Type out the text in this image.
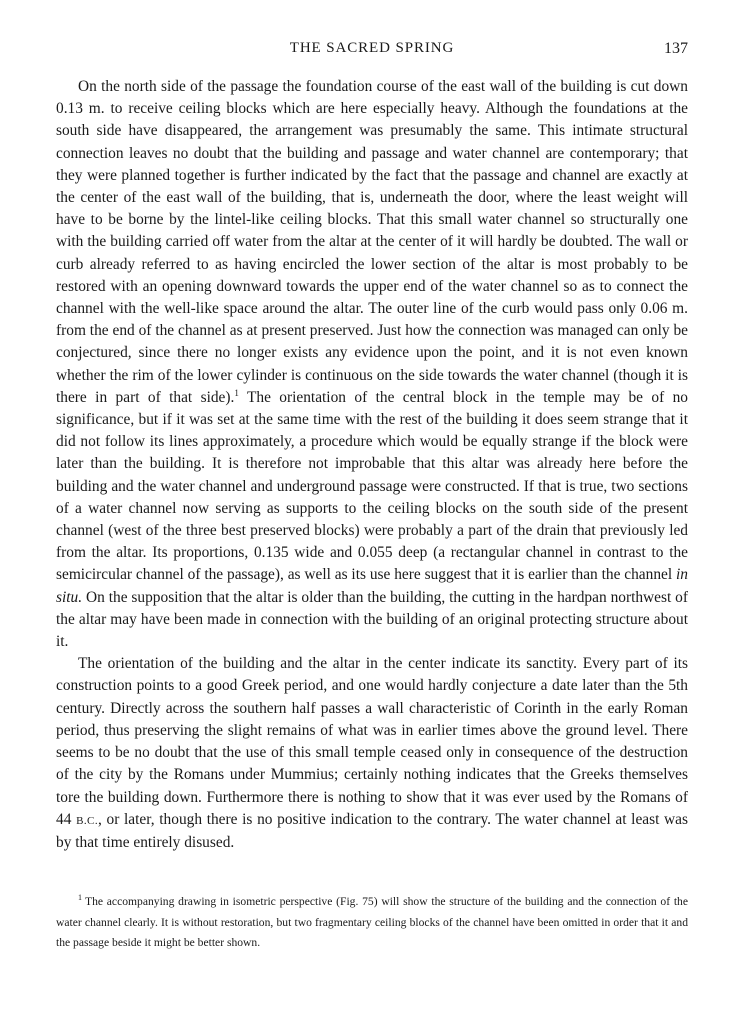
THE SACRED SPRING	137

On the north side of the passage the foundation course of the east wall of the building is cut down 0.13 m. to receive ceiling blocks which are here especially heavy. Although the foundations at the south side have disappeared, the arrangement was presumably the same. This intimate structural connection leaves no doubt that the building and passage and water channel are contemporary; that they were planned together is further indicated by the fact that the passage and channel are exactly at the center of the east wall of the building, that is, underneath the door, where the least weight will have to be borne by the lintel-like ceiling blocks. That this small water channel so structurally one with the building carried off water from the altar at the center of it will hardly be doubted. The wall or curb already referred to as having encircled the lower section of the altar is most probably to be restored with an opening downward towards the upper end of the water channel so as to connect the channel with the well-like space around the altar. The outer line of the curb would pass only 0.06 m. from the end of the channel as at present preserved. Just how the connection was managed can only be conjectured, since there no longer exists any evidence upon the point, and it is not even known whether the rim of the lower cylinder is continuous on the side towards the water channel (though it is there in part of that side).$^1$ The orientation of the central block in the temple may be of no significance, but if it was set at the same time with the rest of the building it does seem strange that it did not follow its lines approximately, a procedure which would be equally strange if the block were later than the building. It is therefore not improbable that this altar was already here before the building and the water channel and underground passage were constructed. If that is true, two sections of a water channel now serving as supports to the ceiling blocks on the south side of the present channel (west of the three best preserved blocks) were probably a part of the drain that previously led from the altar. Its proportions, 0.135 wide and 0.055 deep (a rectangular channel in contrast to the semicircular channel of the passage), as well as its use here suggest that it is earlier than the channel in situ. On the supposition that the altar is older than the building, the cutting in the hardpan northwest of the altar may have been made in connection with the building of an original protecting structure about it.

The orientation of the building and the altar in the center indicate its sanctity. Every part of its construction points to a good Greek period, and one would hardly conjecture a date later than the 5th century. Directly across the southern half passes a wall characteristic of Corinth in the early Roman period, thus preserving the slight remains of what was in earlier times above the ground level. There seems to be no doubt that the use of this small temple ceased only in consequence of the destruction of the city by the Romans under Mummius; certainly nothing indicates that the Greeks themselves tore the building down. Furthermore there is nothing to show that it was ever used by the Romans of 44 B.C., or later, though there is no positive indication to the contrary. The water channel at least was by that time entirely disused.

$^1$ The accompanying drawing in isometric perspective (Fig. 75) will show the structure of the building and the connection of the water channel clearly. It is without restoration, but two fragmentary ceiling blocks of the channel have been omitted in order that it and the passage beside it might be better shown.
